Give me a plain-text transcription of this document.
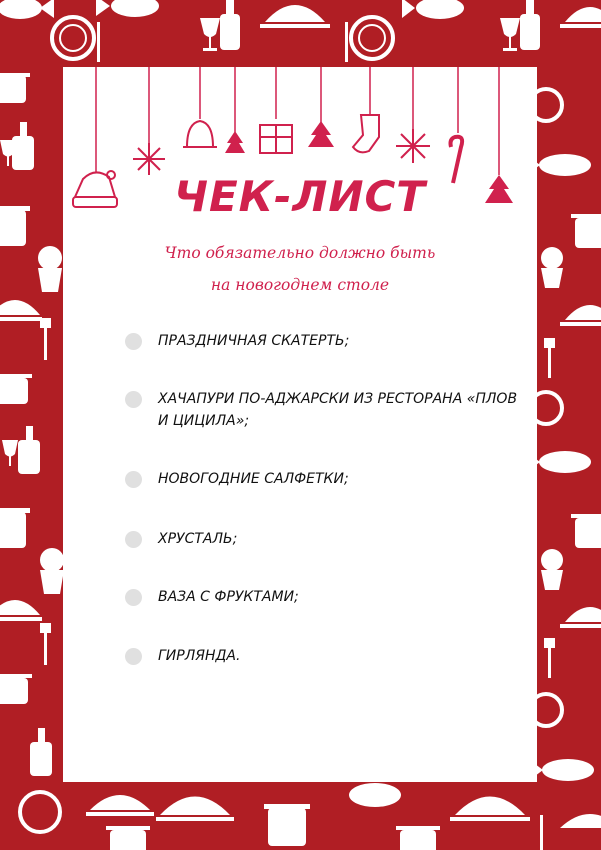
ЧЕК-ЛИСТ
Что обязательно должно быть
на новогоднем столе
ПРАЗДНИЧНАЯ СКАТЕРТЬ;
ХАЧАПУРИ ПО-АДЖАРСКИ ИЗ РЕСТОРАНА «ПЛОВ И ЦИЦИЛА»;
НОВОГОДНИЕ САЛФЕТКИ;
ХРУСТАЛЬ;
ВАЗА С ФРУКТАМИ;
ГИРЛЯНДА.
